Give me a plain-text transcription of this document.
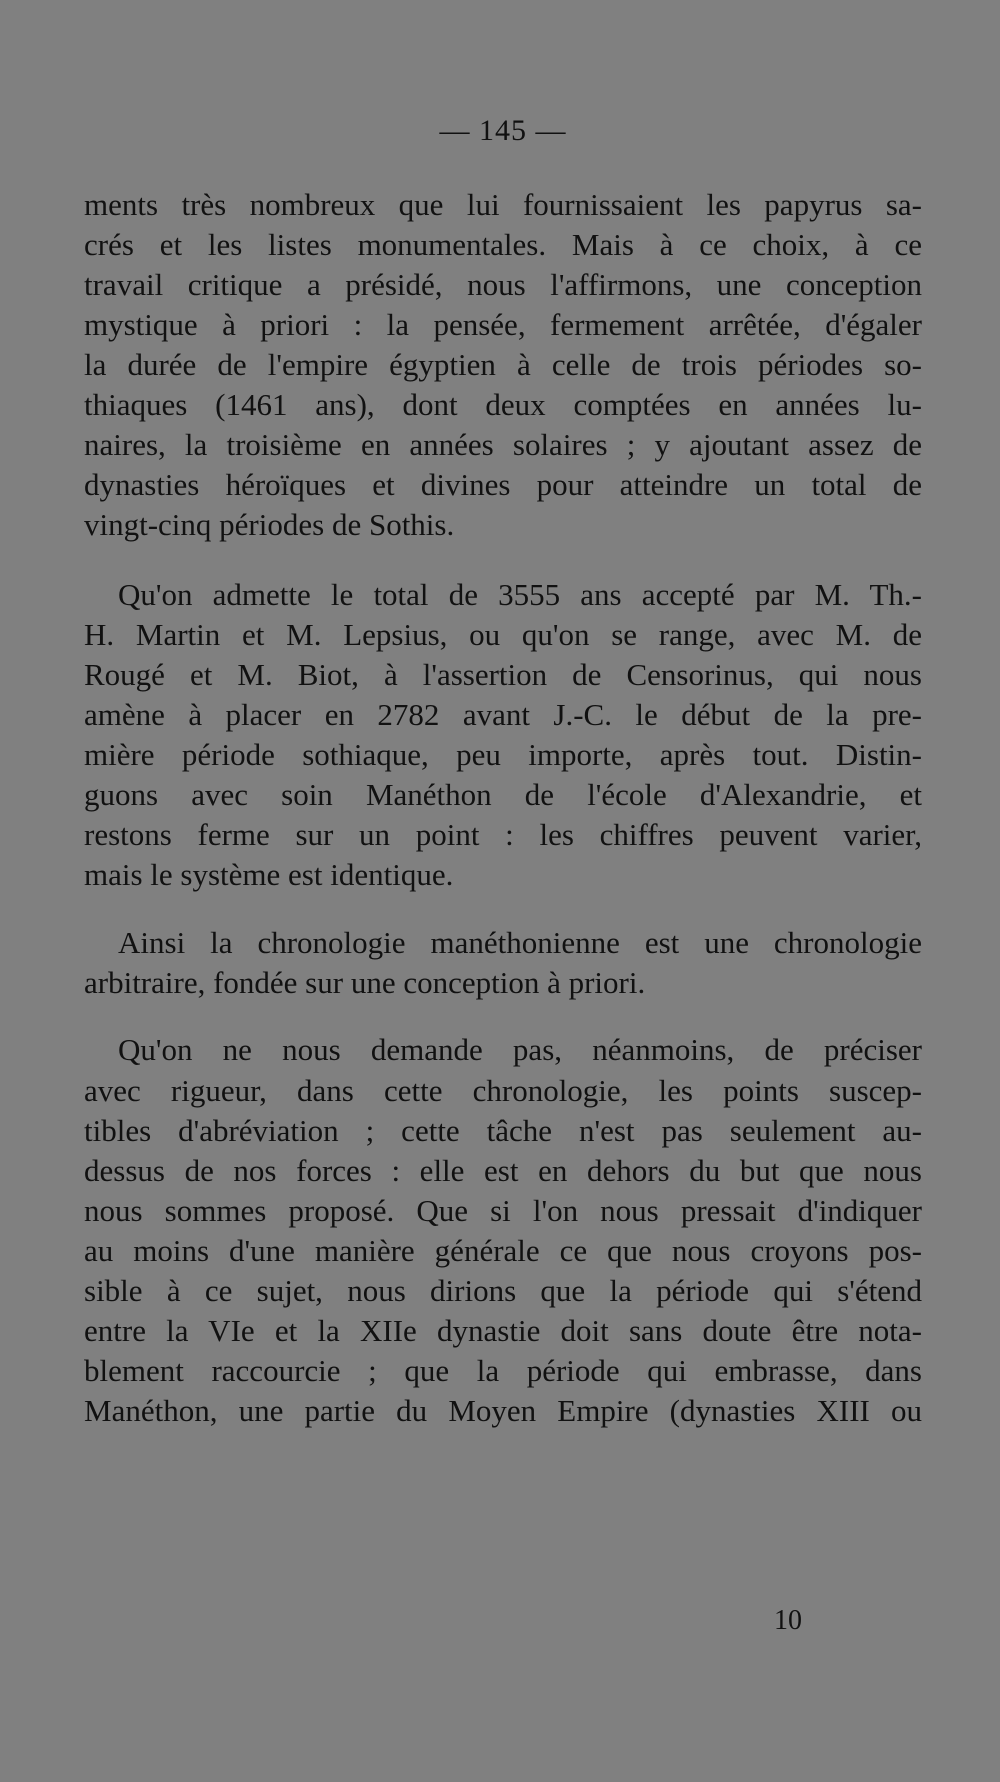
— 145 —
ments très nombreux que lui fournissaient les papyrus sa-
crés et les listes monumentales. Mais à ce choix, à ce
travail critique a présidé, nous l'affirmons, une conception
mystique à priori : la pensée, fermement arrêtée, d'égaler
la durée de l'empire égyptien à celle de trois périodes so-
thiaques (1461 ans), dont deux comptées en années lu-
naires, la troisième en années solaires ; y ajoutant assez de
dynasties héroïques et divines pour atteindre un total de
vingt-cinq périodes de Sothis.
Qu'on admette le total de 3555 ans accepté par M. Th.-
H. Martin et M. Lepsius, ou qu'on se range, avec M. de
Rougé et M. Biot, à l'assertion de Censorinus, qui nous
amène à placer en 2782 avant J.-C. le début de la pre-
mière période sothiaque, peu importe, après tout. Distin-
guons avec soin Manéthon de l'école d'Alexandrie, et
restons ferme sur un point : les chiffres peuvent varier,
mais le système est identique.
Ainsi la chronologie manéthonienne est une chronologie
arbitraire, fondée sur une conception à priori.
Qu'on ne nous demande pas, néanmoins, de préciser
avec rigueur, dans cette chronologie, les points suscep-
tibles d'abréviation ; cette tâche n'est pas seulement au-
dessus de nos forces : elle est en dehors du but que nous
nous sommes proposé. Que si l'on nous pressait d'indiquer
au moins d'une manière générale ce que nous croyons pos-
sible à ce sujet, nous dirions que la période qui s'étend
entre la VIe et la XIIe dynastie doit sans doute être nota-
blement raccourcie ; que la période qui embrasse, dans
Manéthon, une partie du Moyen Empire (dynasties XIII ou
10
